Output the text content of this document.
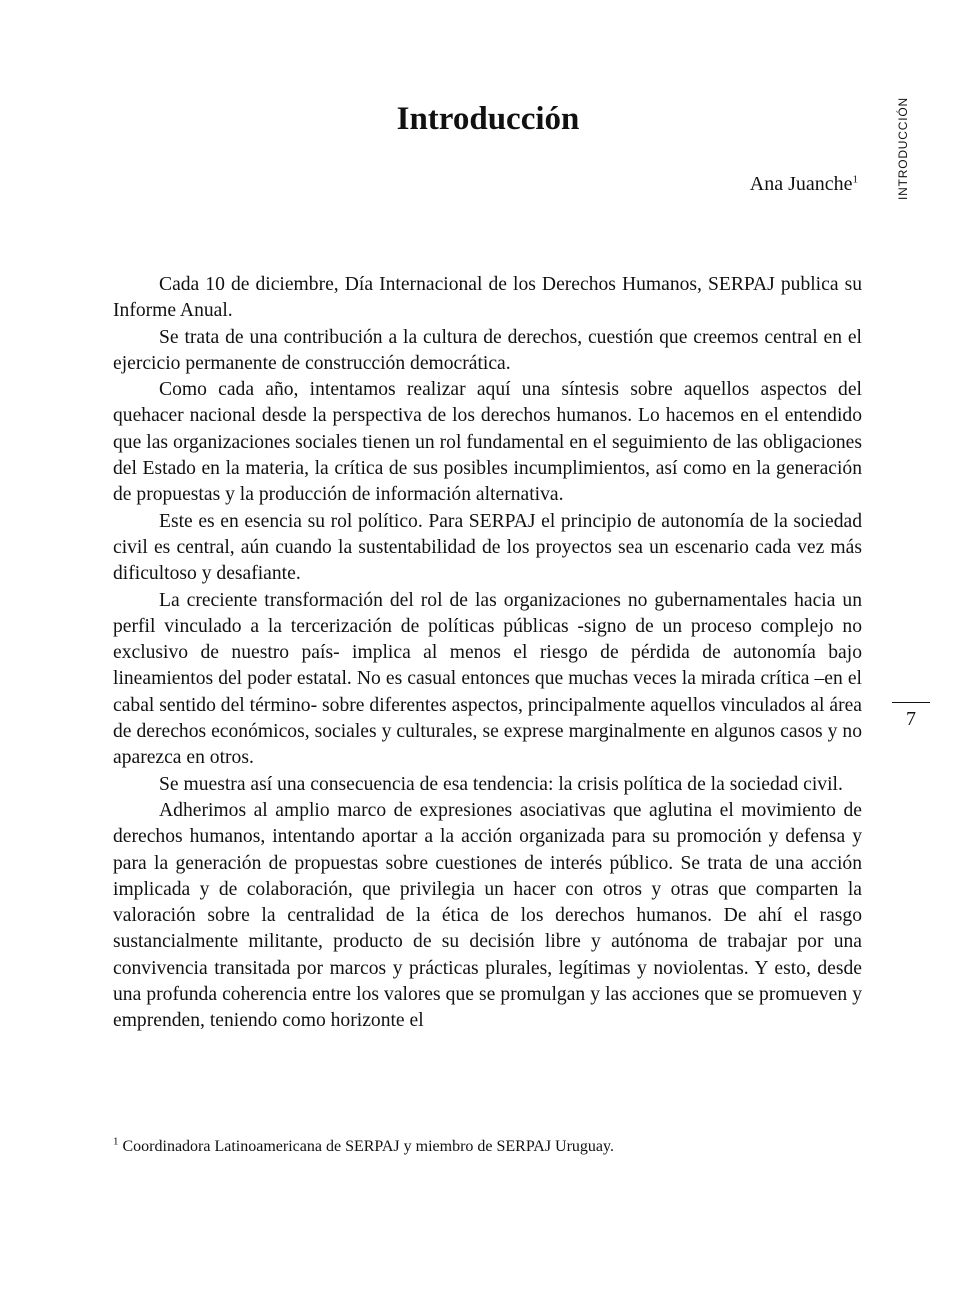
INTRODUCCIÓN
Introducción
Ana Juanche$^1$

Cada 10 de diciembre, Día Internacional de los Derechos Humanos, SERPAJ publica su Informe Anual.

Se trata de una contribución a la cultura de derechos, cuestión que creemos central en el ejercicio permanente de construcción democrática.

Como cada año, intentamos realizar aquí una síntesis sobre aquellos aspectos del quehacer nacional desde la perspectiva de los derechos humanos. Lo hacemos en el entendido que las organizaciones sociales tienen un rol fundamental en el seguimiento de las obligaciones del Estado en la materia, la crítica de sus posibles incumplimientos, así como en la generación de propuestas y la producción de información alternativa.

Este es en esencia su rol político. Para SERPAJ el principio de autonomía de la sociedad civil es central, aún cuando la sustentabilidad de los proyectos sea un escenario cada vez más dificultoso y desafiante.

La creciente transformación del rol de las organizaciones no gubernamentales hacia un perfil vinculado a la tercerización de políticas públicas -signo de un proceso complejo no exclusivo de nuestro país- implica al menos el riesgo de pérdida de autonomía bajo lineamientos del poder estatal. No es casual entonces que muchas veces la mirada crítica –en el cabal sentido del término- sobre diferentes aspectos, principalmente aquellos vinculados al área de derechos económicos, sociales y culturales, se exprese marginalmente en algunos casos y no aparezca en otros.

Se muestra así una consecuencia de esa tendencia: la crisis política de la sociedad civil.

Adherimos al amplio marco de expresiones asociativas que aglutina el movimiento de derechos humanos, intentando aportar a la acción organizada para su promoción y defensa y para la generación de propuestas sobre cuestiones de interés público. Se trata de una acción implicada y de colaboración, que privilegia un hacer con otros y otras que comparten la valoración sobre la centralidad de la ética de los derechos humanos. De ahí el rasgo sustancialmente militante, producto de su decisión libre y autónoma de trabajar por una convivencia transitada por marcos y prácticas plurales, legítimas y noviolentas. Y esto, desde una profunda coherencia entre los valores que se promulgan y las acciones que se promueven y emprenden, teniendo como horizonte el

7
$^1$ Coordinadora Latinoamericana de SERPAJ y miembro de SERPAJ Uruguay.
